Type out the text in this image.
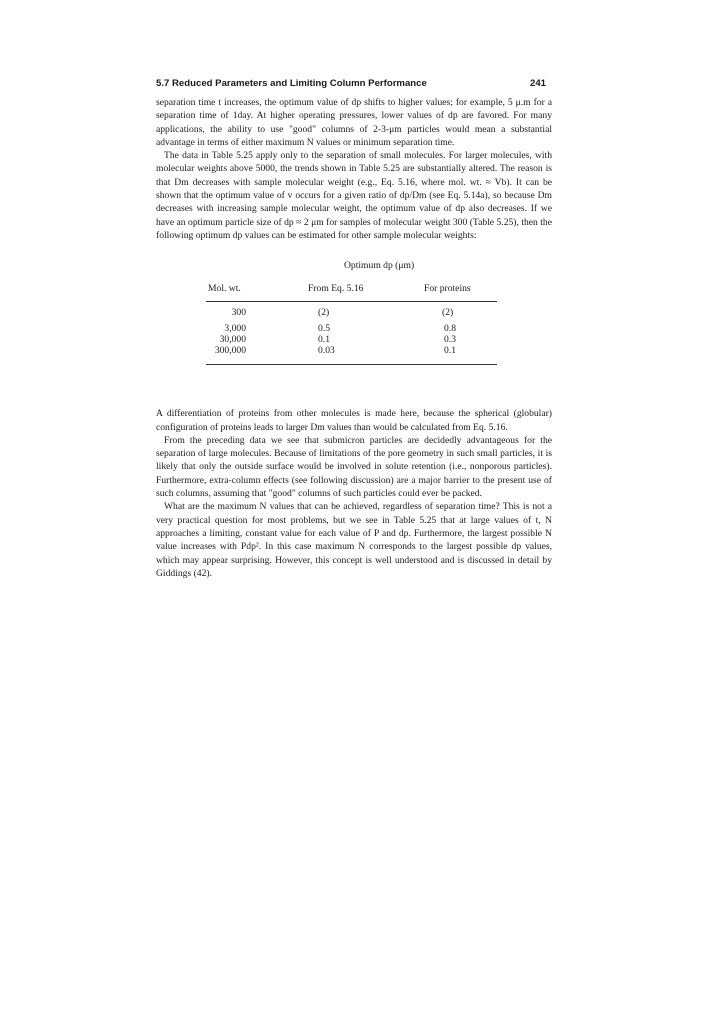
5.7 Reduced Parameters and Limiting Column Performance	241

separation time t increases, the optimum value of dp shifts to higher values; for example, 5 μ.m for a separation time of 1day. At higher operating pressures, lower values of dp are favored. For many applications, the ability to use "good" columns of 2-3-μm particles would mean a substantial advantage in terms of either maximum N values or minimum separation time.

The data in Table 5.25 apply only to the separation of small molecules. For larger molecules, with molecular weights above 5000, the trends shown in Table 5.25 are substantially altered. The reason is that Dm decreases with sample molecular weight (e.g., Eq. 5.16, where mol. wt. ≈ Vb). It can be shown that the optimum value of v occurs for a given ratio of dp/Dm (see Eq. 5.14a), so because Dm decreases with increasing sample molecular weight, the optimum value of dp also decreases. If we have an optimum particle size of dp ≈ 2 μm for samples of molecular weight 300 (Table 5.25), then the following optimum dp values can be estimated for other sample molecular weights:

Optimum dp (μm)
Mol. wt.	From Eq. 5.16	For proteins
300	(2)	(2)
3,000	0.5	0.8
30,000	0.1	0.3
300,000	0.03	0.1

A differentiation of proteins from other molecules is made here, because the spherical (globular) configuration of proteins leads to larger Dm values than would be calculated from Eq. 5.16.

From the preceding data we see that submicron particles are decidedly advantageous for the separation of large molecules. Because of limitations of the pore geometry in such small particles, it is likely that only the outside surface would be involved in solute retention (i.e., nonporous particles). Furthermore, extra-column effects (see following discussion) are a major barrier to the present use of such columns, assuming that "good" columns of such particles could ever be packed.

What are the maximum N values that can be achieved, regardless of separation time? This is not a very practical question for most problems, but we see in Table 5.25 that at large values of t, N approaches a limiting, constant value for each value of P and dp. Furthermore, the largest possible N value increases with Pdp². In this case maximum N corresponds to the largest possible dp values, which may appear surprising. However, this concept is well understood and is discussed in detail by Giddings (42).
